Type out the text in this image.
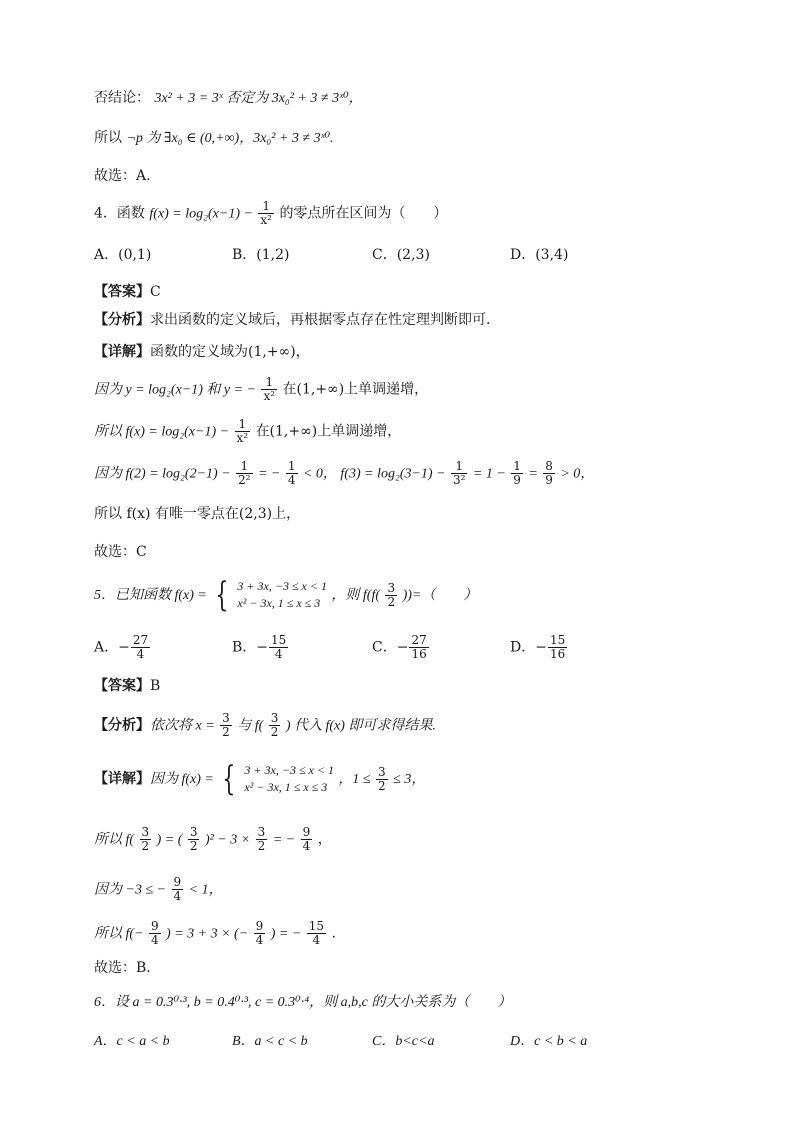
否结论： 3x² + 3 = 3ˣ 否定为 3x₀² + 3 ≠ 3ˣ⁰，
所以 ¬p 为 ∃x₀ ∈ (0,+∞)，3x₀² + 3 ≠ 3ˣ⁰.
故选：A.
4．函数 $f(x) = \log_2(x-1) - \frac{1}{\text{x²}}$ 的零点所在区间为（　　）
A．(0,1)	B．(1,2)	C．(2,3)	D．(3,4)
【答案】C
【分析】求出函数的定义域后，再根据零点存在性定理判断即可.
【详解】函数的定义域为(1,+∞)，
因为 y = log₂(x−1) 和 y = − $\frac{1}{\text{x²}}$ 在(1,+∞)上单调递增，
所以 $f(x) = \log_2(x-1) - \frac{1}{\text{x²}}$ 在(1,+∞)上单调递增，
因为 $f(2) = \log_2(2-1) - \frac{1}{\text{2²}}$ = − $\frac{1}{4} < 0$， $f(3) = \log_2(3-1) - \frac{1}{\text{3²}} = 1 - \frac{1}{9} = \frac{8}{9} > 0$，
所以 f(x) 有唯一零点在(2,3)上，
故选：C
5．已知函数 f(x) = { 3 + 3x, −3 ≤ x < 1
x² − 3x, 1 ≤ x ≤ 3 ，则 $f(f( \frac{3}{2}$ ))=（　　）
A．− $\frac{27}{4}$	B．− $\frac{15}{4}$	C．− $\frac{27}{16}$	D．− $\frac{15}{16}$
【答案】B
【分析】依次将 $x = \frac{3}{2}$ 与 $f( \frac{3}{2}$ ) 代入 f(x) 即可求得结果.
【详解】因为 f(x) = { 3 + 3x, −3 ≤ x < 1
x² − 3x, 1 ≤ x ≤ 3 ，$1 \le \frac{3}{2} \le 3$，
所以 $f( \frac{3}{2}$ ) = ( $\frac{3}{2} )^2 - 3 \times \frac{3}{2}$ = − $\frac{9}{4}$ ，
因为 −3 ≤ − $\frac{9}{4} < 1$，
所以 $f(- \frac{9}{4}$ ) = 3 + 3 × (− $\frac{9}{4}$ ) = − $\frac{15}{4}$ .
故选：B.
6．设 a = 0.3⁰·³, b = 0.4⁰·³, c = 0.3⁰·⁴，则 a,b,c 的大小关系为（　　）
A．c < a < b	B．a < c < b	C．b<c<a	D．c < b < a
